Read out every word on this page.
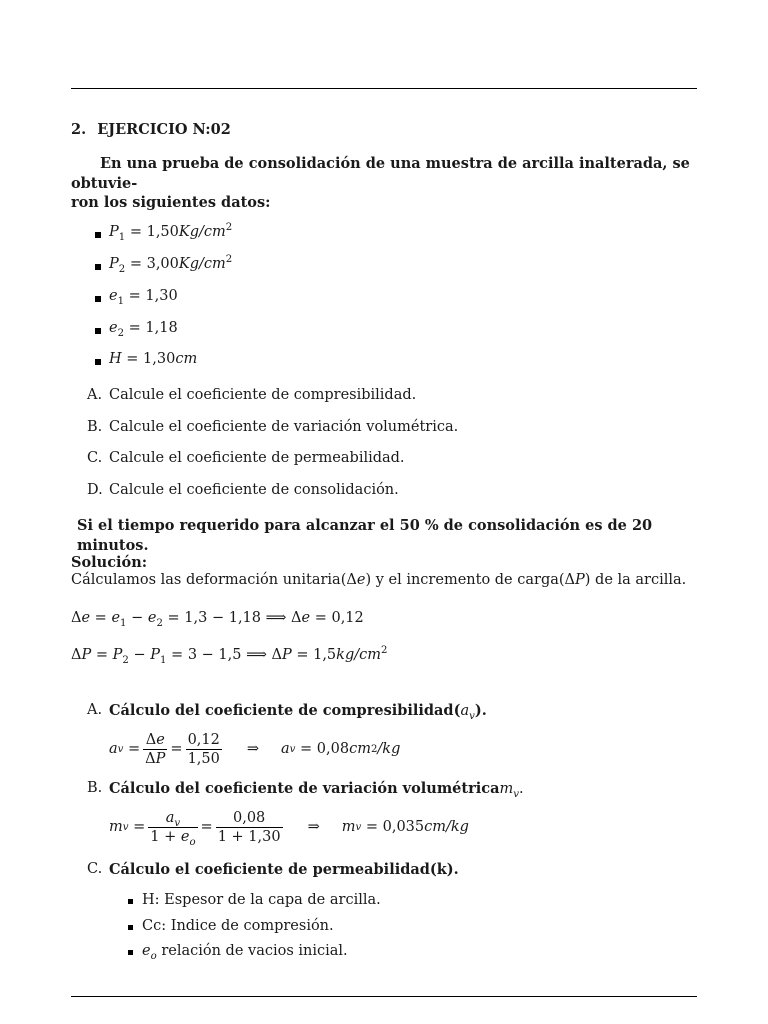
2. EJERCICIO N:02
En una prueba de consolidación de una muestra de arcilla inalterada, se obtuvie-
ron los siguientes datos:
$P_1 = 1,50Kg/cm^2$
$P_2 = 3,00Kg/cm^2$
$e_1 = 1,30$
$e_2 = 1,18$
H = 1,30cm
A. Calcule el coeficiente de compresibilidad.
B. Calcule el coeficiente de variación volumétrica.
C. Calcule el coeficiente de permeabilidad.
D. Calcule el coeficiente de consolidación.
Si el tiempo requerido para alcanzar el 50 % de consolidación es de 20 minutos.
Solución:
Cálculamos las deformación unitaria(Δe) y el incremento de carga(ΔP) de la arcilla.
$\Delta e = e_1 - e_2 = 1,3 - 1,18$ ⟹ Δe = 0,12
$\Delta P = P_2 - P_1 = 3 - 1,5$ ⟹ $\Delta P = 1,5kg/cm^2$
A. Cálculo del coeficiente de $compresibilidad(a_v)$.
a $v = \frac{\Delta e}{\Delta P} = \frac{0,12}{1,50}$ ⇒ a v = 0,08 cm 2 /kg
B. Cálculo del coeficiente de variación volumétricam$_v$.
m $v = \frac{a_v}{1 + e_o} = \frac{0,08}{1 + 1,30}$ ⇒ m v = 0,035 cm/kg
C. Cálculo el coeficiente de permeabilidad(k).
H: Espesor de la capa de arcilla.
Cc: Indice de compresión.
$e_o$ relación de vacios inicial.
